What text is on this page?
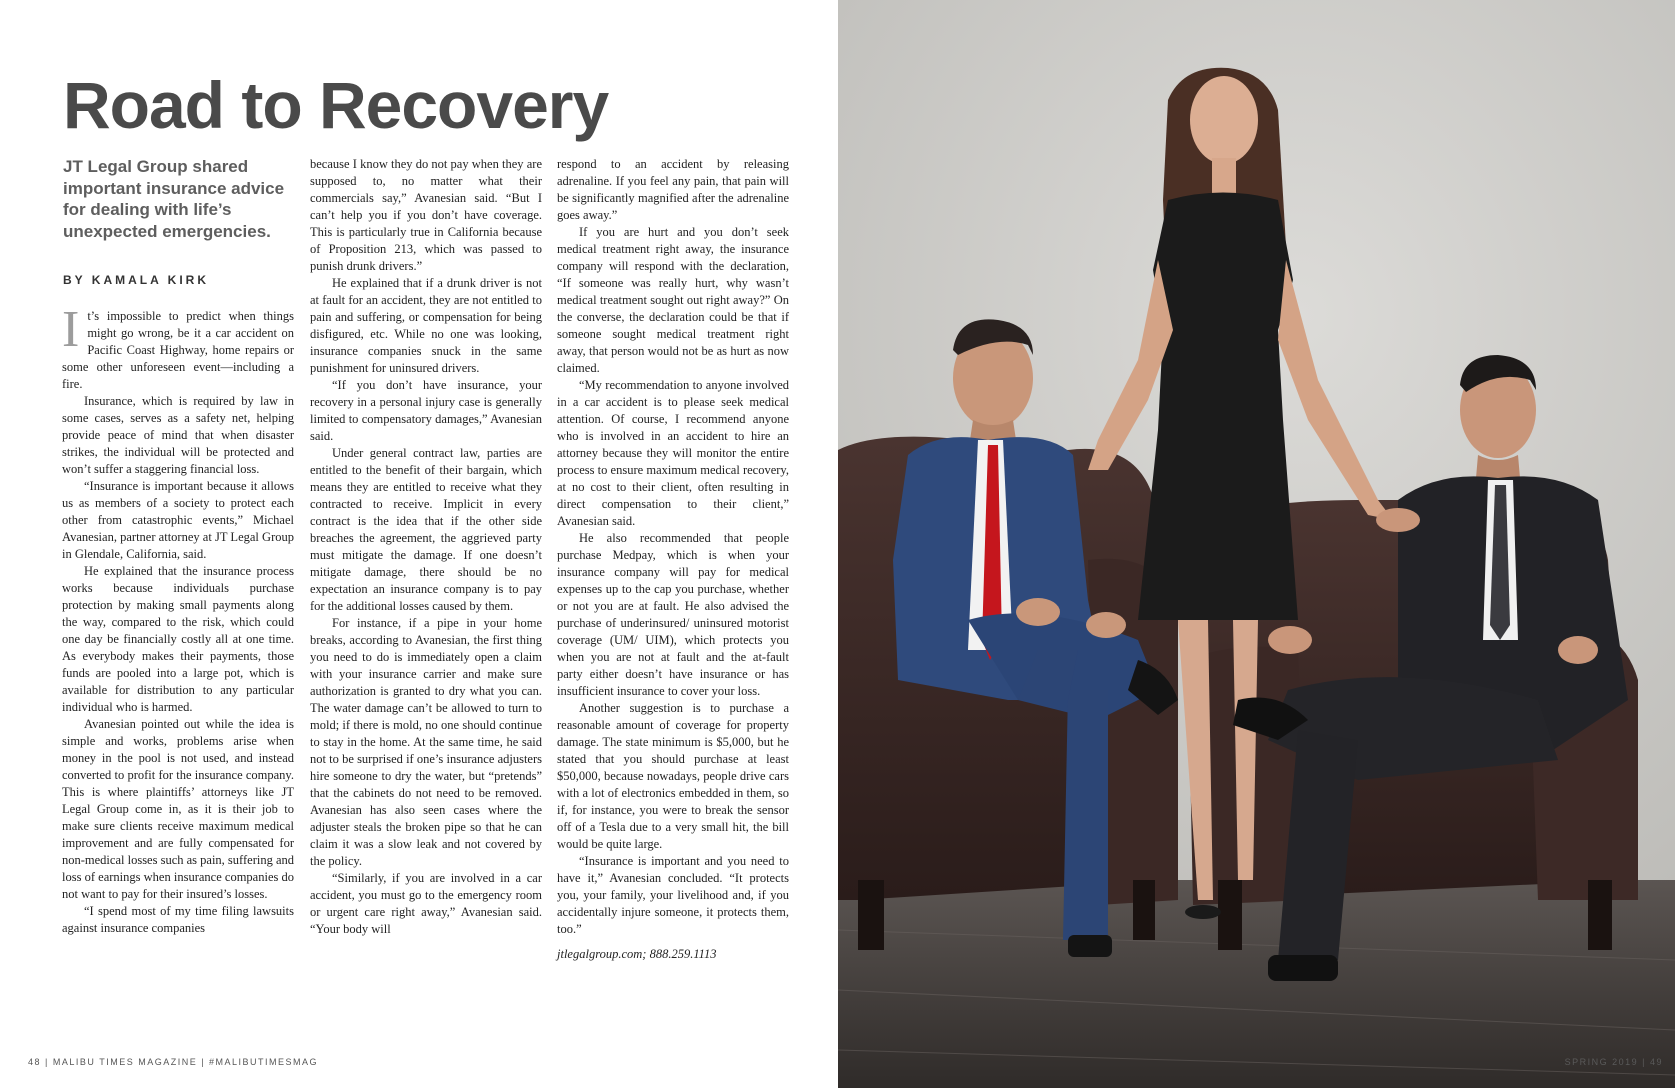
Road to Recovery
JT Legal Group shared important insurance advice for dealing with life’s unexpected emergencies.
BY KAMALA KIRK

It’s impossible to predict when things might go wrong, be it a car accident on Pacific Coast Highway, home repairs or some other unforeseen event—including a fire.

Insurance, which is required by law in some cases, serves as a safety net, helping provide peace of mind that when disaster strikes, the individual will be protected and won’t suffer a staggering financial loss.

“Insurance is important because it allows us as members of a society to protect each other from catastrophic events,” Michael Avanesian, partner attorney at JT Legal Group in Glendale, California, said.

He explained that the insurance process works because individuals purchase protection by making small payments along the way, compared to the risk, which could one day be financially costly all at one time. As everybody makes their payments, those funds are pooled into a large pot, which is available for distribution to any particular individual who is harmed.

Avanesian pointed out while the idea is simple and works, problems arise when money in the pool is not used, and instead converted to profit for the insurance company. This is where plaintiffs’ attorneys like JT Legal Group come in, as it is their job to make sure clients receive maximum medical improvement and are fully compensated for non-medical losses such as pain, suffering and loss of earnings when insurance companies do not want to pay for their insured’s losses.

“I spend most of my time filing lawsuits against insurance companies

because I know they do not pay when they are supposed to, no matter what their commercials say,” Avanesian said. “But I can’t help you if you don’t have coverage. This is particularly true in California because of Proposition 213, which was passed to punish drunk drivers.”

He explained that if a drunk driver is not at fault for an accident, they are not entitled to pain and suffering, or compensation for being disfigured, etc. While no one was looking, insurance companies snuck in the same punishment for uninsured drivers.

“If you don’t have insurance, your recovery in a personal injury case is generally limited to compensatory damages,” Avanesian said.

Under general contract law, parties are entitled to the benefit of their bargain, which means they are entitled to receive what they contracted to receive. Implicit in every contract is the idea that if the other side breaches the agreement, the aggrieved party must mitigate the damage. If one doesn’t mitigate damage, there should be no expectation an insurance company is to pay for the additional losses caused by them.

For instance, if a pipe in your home breaks, according to Avanesian, the first thing you need to do is immediately open a claim with your insurance carrier and make sure authorization is granted to dry what you can. The water damage can’t be allowed to turn to mold; if there is mold, no one should continue to stay in the home. At the same time, he said not to be surprised if one’s insurance adjusters hire someone to dry the water, but “pretends” that the cabinets do not need to be removed. Avanesian has also seen cases where the adjuster steals the broken pipe so that he can claim it was a slow leak and not covered by the policy.

“Similarly, if you are involved in a car accident, you must go to the emergency room or urgent care right away,” Avanesian said. “Your body will

respond to an accident by releasing adrenaline. If you feel any pain, that pain will be significantly magnified after the adrenaline goes away.”

If you are hurt and you don’t seek medical treatment right away, the insurance company will respond with the declaration, “If someone was really hurt, why wasn’t medical treatment sought out right away?” On the converse, the declaration could be that if someone sought medical treatment right away, that person would not be as hurt as now claimed.

“My recommendation to anyone involved in a car accident is to please seek medical attention. Of course, I recommend anyone who is involved in an accident to hire an attorney because they will monitor the entire process to ensure maximum medical recovery, at no cost to their client, often resulting in direct compensation to their client,” Avanesian said.

He also recommended that people purchase Medpay, which is when your insurance company will pay for medical expenses up to the cap you purchase, whether or not you are at fault. He also advised the purchase of underinsured/ uninsured motorist coverage (UM/ UIM), which protects you when you are not at fault and the at-fault party either doesn’t have insurance or has insufficient insurance to cover your loss.

Another suggestion is to purchase a reasonable amount of coverage for property damage. The state minimum is $5,000, but he stated that you should purchase at least $50,000, because nowadays, people drive cars with a lot of electronics embedded in them, so if, for instance, you were to break the sensor off of a Tesla due to a very small hit, the bill would be quite large.

“Insurance is important and you need to have it,” Avanesian concluded. “It protects you, your family, your livelihood and, if you accidentally injure someone, it protects them, too.”

jtlegalgroup.com; 888.259.1113

48 | MALIBU TIMES MAGAZINE | #MALIBUTIMESMAG	SPRING 2019 | 49
